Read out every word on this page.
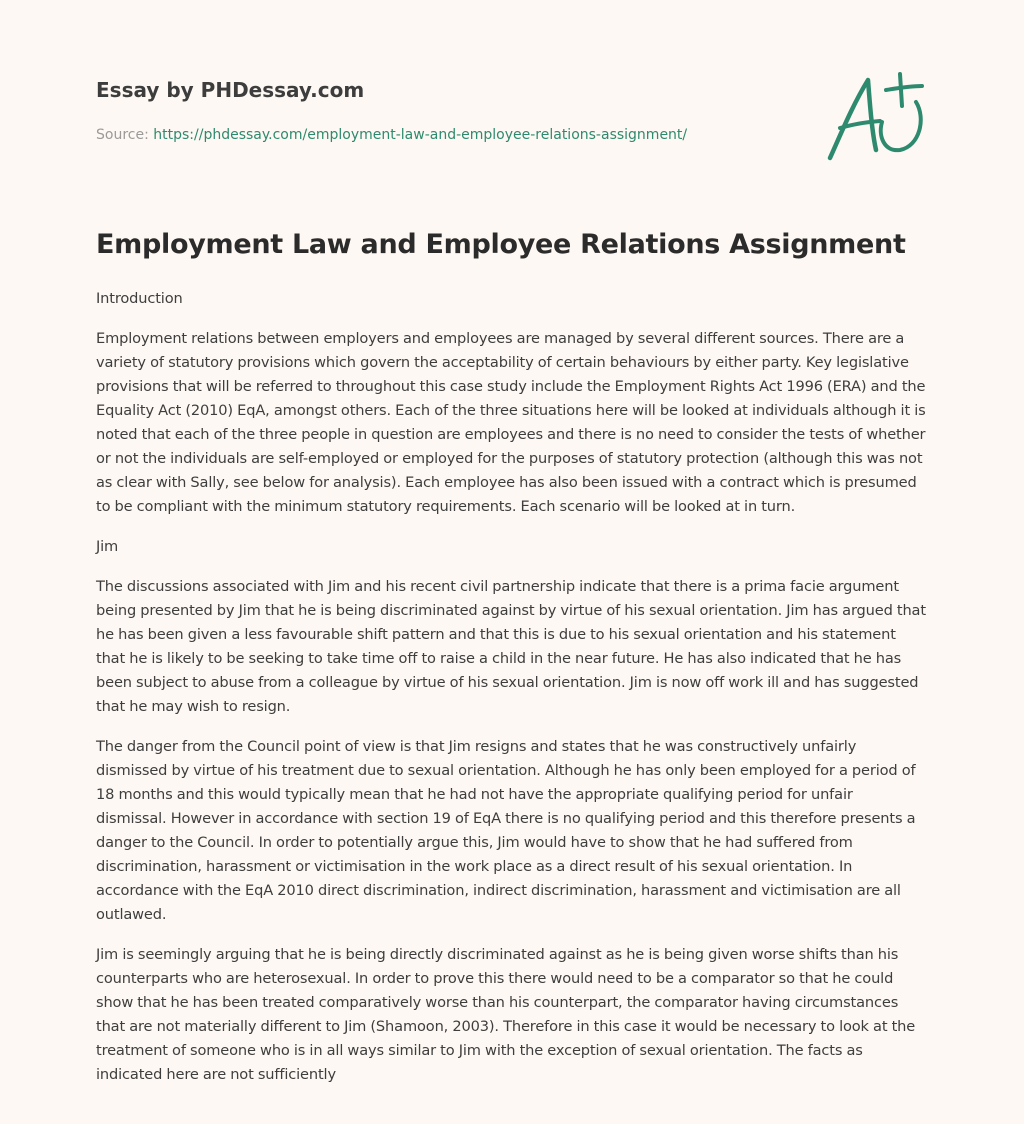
Essay by PHDessay.com
Source: https://phdessay.com/employment-law-and-employee-relations-assignment/
Employment Law and Employee Relations Assignment

Introduction

Employment relations between employers and employees are managed by several different sources. There are a variety of statutory provisions which govern the acceptability of certain behaviours by either party. Key legislative provisions that will be referred to throughout this case study include the Employment Rights Act 1996 (ERA) and the Equality Act (2010) EqA, amongst others. Each of the three situations here will be looked at individuals although it is noted that each of the three people in question are employees and there is no need to consider the tests of whether or not the individuals are self-employed or employed for the purposes of statutory protection (although this was not as clear with Sally, see below for analysis). Each employee has also been issued with a contract which is presumed to be compliant with the minimum statutory requirements. Each scenario will be looked at in turn.

Jim

The discussions associated with Jim and his recent civil partnership indicate that there is a prima facie argument being presented by Jim that he is being discriminated against by virtue of his sexual orientation. Jim has argued that he has been given a less favourable shift pattern and that this is due to his sexual orientation and his statement that he is likely to be seeking to take time off to raise a child in the near future. He has also indicated that he has been subject to abuse from a colleague by virtue of his sexual orientation. Jim is now off work ill and has suggested that he may wish to resign.

The danger from the Council point of view is that Jim resigns and states that he was constructively unfairly dismissed by virtue of his treatment due to sexual orientation. Although he has only been employed for a period of 18 months and this would typically mean that he had not have the appropriate qualifying period for unfair dismissal. However in accordance with section 19 of EqA there is no qualifying period and this therefore presents a danger to the Council. In order to potentially argue this, Jim would have to show that he had suffered from discrimination, harassment or victimisation in the work place as a direct result of his sexual orientation. In accordance with the EqA 2010 direct discrimination, indirect discrimination, harassment and victimisation are all outlawed.

Jim is seemingly arguing that he is being directly discriminated against as he is being given worse shifts than his counterparts who are heterosexual. In order to prove this there would need to be a comparator so that he could show that he has been treated comparatively worse than his counterpart, the comparator having circumstances that are not materially different to Jim (Shamoon, 2003). Therefore in this case it would be necessary to look at the treatment of someone who is in all ways similar to Jim with the exception of sexual orientation. The facts as indicated here are not sufficiently
